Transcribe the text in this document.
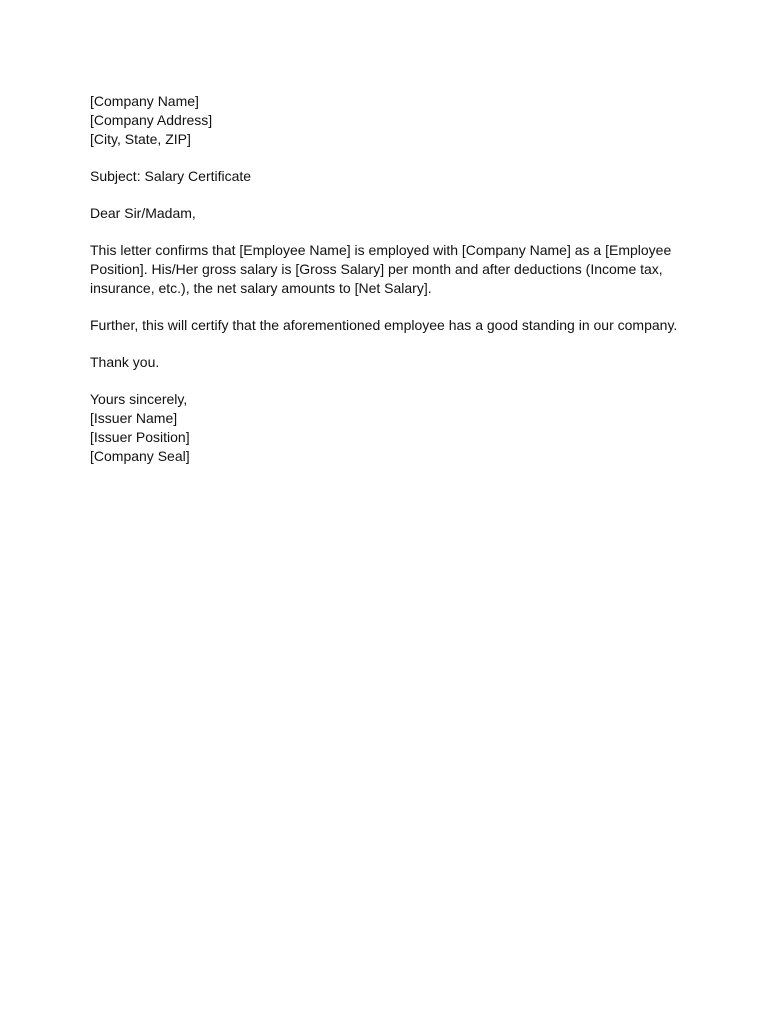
[Company Name]
[Company Address]
[City, State, ZIP]
Subject: Salary Certificate
Dear Sir/Madam,

This letter confirms that [Employee Name] is employed with [Company Name] as a [Employee Position]. His/Her gross salary is [Gross Salary] per month and after deductions (Income tax, insurance, etc.), the net salary amounts to [Net Salary].

Further, this will certify that the aforementioned employee has a good standing in our company.

Thank you.
Yours sincerely,
[Issuer Name]
[Issuer Position]
[Company Seal]
